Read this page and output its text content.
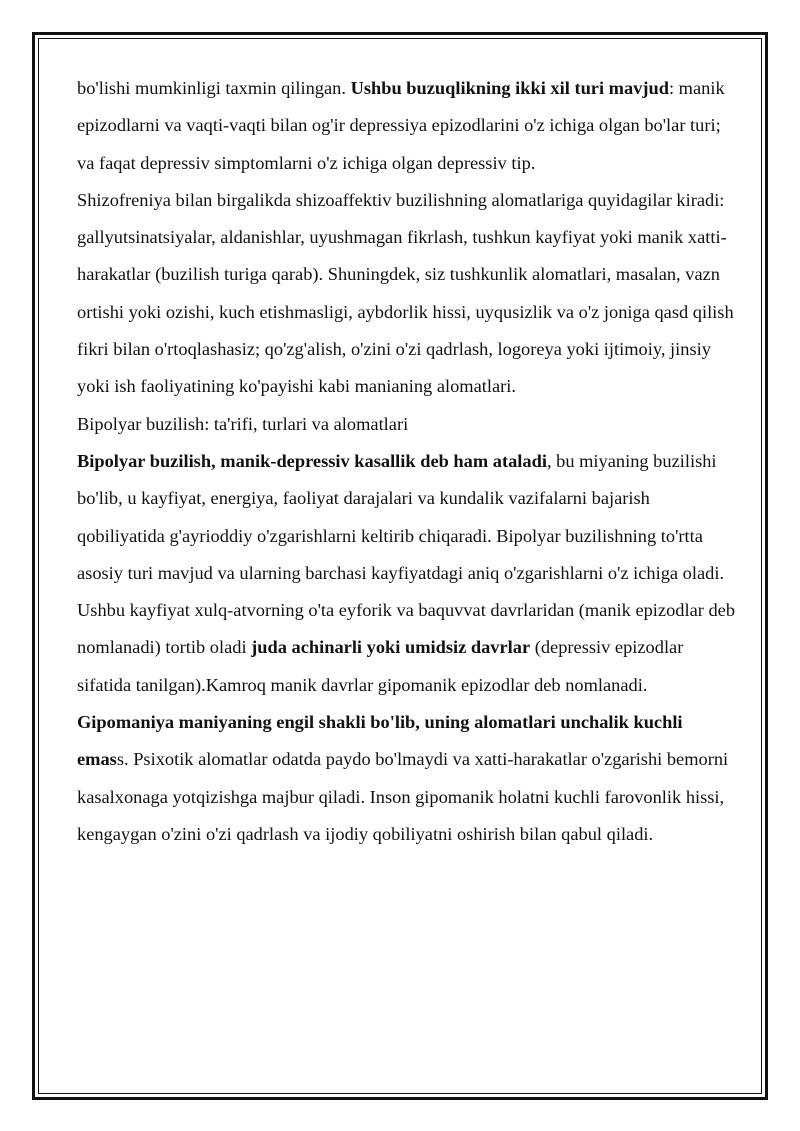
bo'lishi mumkinligi taxmin qilingan. Ushbu buzuqlikning ikki xil turi mavjud: manik epizodlarni va vaqti-vaqti bilan og'ir depressiya epizodlarini o'z ichiga olgan bo'lar turi; va faqat depressiv simptomlarni o'z ichiga olgan depressiv tip.

Shizofreniya bilan birgalikda shizoaffektiv buzilishning alomatlariga quyidagilar kiradi: gallyutsinatsiyalar, aldanishlar, uyushmagan fikrlash, tushkun kayfiyat yoki manik xatti-harakatlar (buzilish turiga qarab). Shuningdek, siz tushkunlik alomatlari, masalan, vazn ortishi yoki ozishi, kuch etishmasligi, aybdorlik hissi, uyqusizlik va o'z joniga qasd qilish fikri bilan o'rtoqlashasiz; qo'zg'alish, o'zini o'zi qadrlash, logoreya yoki ijtimoiy, jinsiy yoki ish faoliyatining ko'payishi kabi manianing alomatlari.

Bipolyar buzilish: ta'rifi, turlari va alomatlari

Bipolyar buzilish, manik-depressiv kasallik deb ham ataladi, bu miyaning buzilishi bo'lib, u kayfiyat, energiya, faoliyat darajalari va kundalik vazifalarni bajarish qobiliyatida g'ayrioddiy o'zgarishlarni keltirib chiqaradi. Bipolyar buzilishning to'rtta asosiy turi mavjud va ularning barchasi kayfiyatdagi aniq o'zgarishlarni o'z ichiga oladi.

Ushbu kayfiyat xulq-atvorning o'ta eyforik va baquvvat davrlaridan (manik epizodlar deb nomlanadi) tortib oladi juda achinarli yoki umidsiz davrlar (depressiv epizodlar sifatida tanilgan).Kamroq manik davrlar gipomanik epizodlar deb nomlanadi.

Gipomaniya maniyaning engil shakli bo'lib, uning alomatlari unchalik kuchli emass. Psixotik alomatlar odatda paydo bo'lmaydi va xatti-harakatlar o'zgarishi bemorni kasalxonaga yotqizishga majbur qiladi. Inson gipomanik holatni kuchli farovonlik hissi, kengaygan o'zini o'zi qadrlash va ijodiy qobiliyatni oshirish bilan qabul qiladi.
